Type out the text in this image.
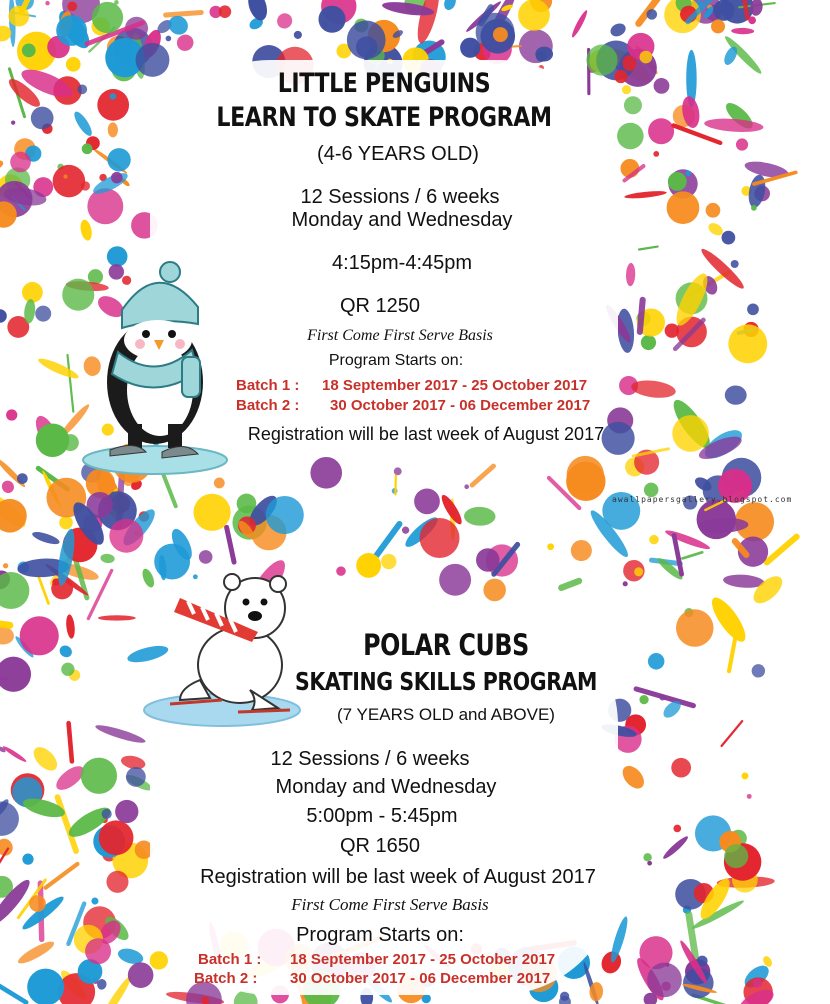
LITTLE PENGUINS
LEARN TO SKATE PROGRAM
(4-6 YEARS OLD)
12 Sessions / 6 weeks
Monday and Wednesday
4:15pm-4:45pm
QR 1250
First Come First Serve Basis
Program Starts on:
Batch 1 : 18 September 2017 - 25 October 2017
Batch 2 : 30 October 2017 - 06 December 2017
Registration will be last week of August 2017
awallpapersgallery.blogspot.com
POLAR CUBS
SKATING SKILLS PROGRAM
(7 YEARS OLD and ABOVE)
12 Sessions / 6 weeks
Monday and Wednesday
5:00pm - 5:45pm
QR 1650
Registration will be last week of August 2017
First Come First Serve Basis
Program Starts on:
Batch 1 : 18 September 2017 - 25 October 2017
Batch 2 : 30 October 2017 - 06 December 2017
